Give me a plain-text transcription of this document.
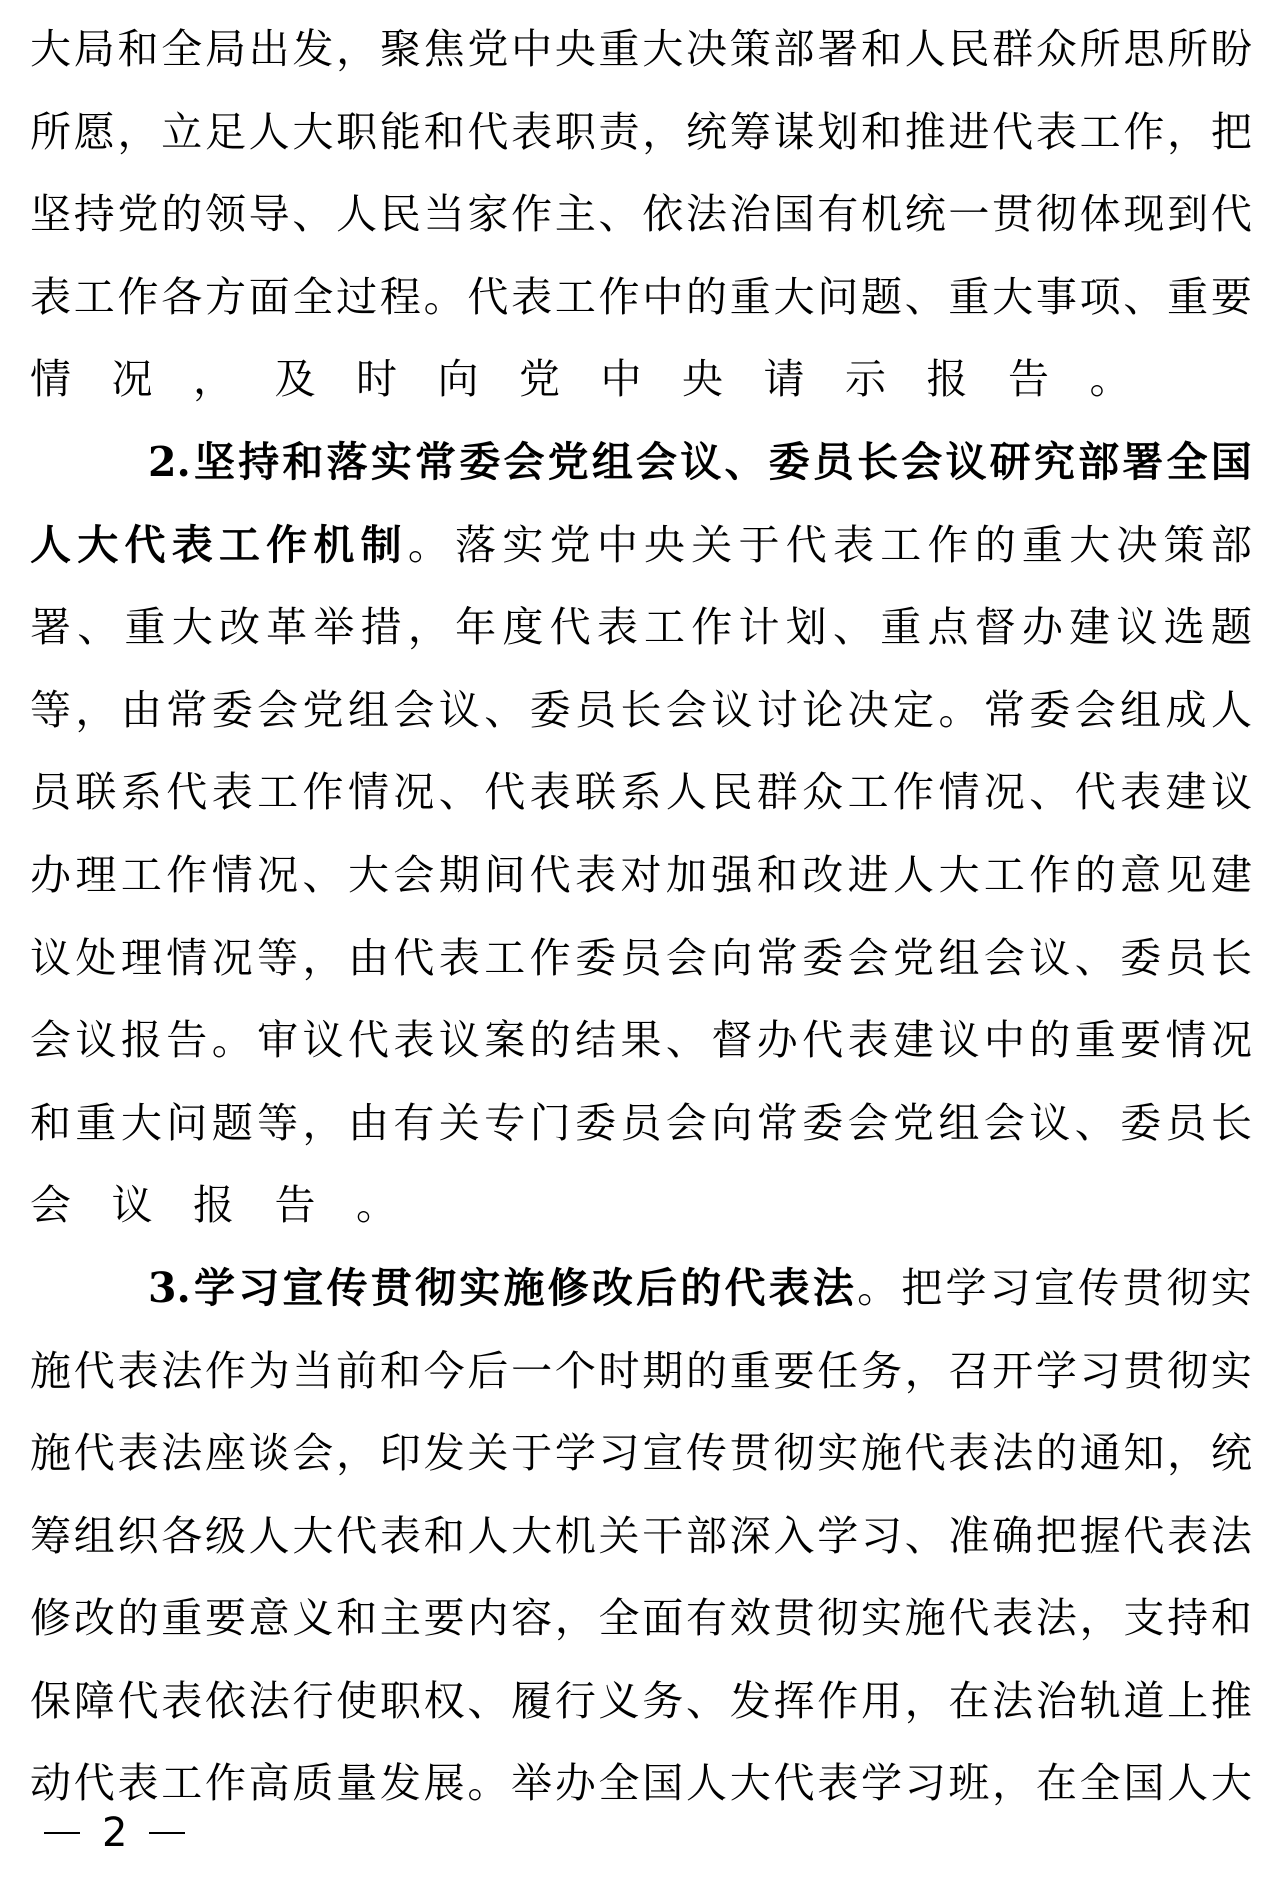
大 局 和 全 局 出 发 ， 聚 焦 党 中 央 重 大 决 策 部 署 和 人 民 群 众 所 思 所 盼
所 愿 ， 立 足 人 大 职 能 和 代 表 职 责 ， 统 筹 谋 划 和 推 进 代 表 工 作 ， 把
坚 持 党 的 领 导 、 人 民 当 家 作 主 、 依 法 治 国 有 机 统 一 贯 彻 体 现 到 代
表 工 作 各 方 面 全 过 程 。 代 表 工 作 中 的 重 大 问 题 、 重 大 事 项 、 重 要
情 况 ， 及 时 向 党 中 央 请 示 报 告 。
2. 坚 持 和 落 实 常 委 会 党 组 会 议 、 委 员 长 会 议 研 究 部 署 全 国
人 大 代 表 工 作 机 制 。 落 实 党 中 央 关 于 代 表 工 作 的 重 大 决 策 部
署 、 重 大 改 革 举 措 ， 年 度 代 表 工 作 计 划 、 重 点 督 办 建 议 选 题
等 ， 由 常 委 会 党 组 会 议 、 委 员 长 会 议 讨 论 决 定 。 常 委 会 组 成 人
员 联 系 代 表 工 作 情 况 、 代 表 联 系 人 民 群 众 工 作 情 况 、 代 表 建 议
办 理 工 作 情 况 、 大 会 期 间 代 表 对 加 强 和 改 进 人 大 工 作 的 意 见 建
议 处 理 情 况 等 ， 由 代 表 工 作 委 员 会 向 常 委 会 党 组 会 议 、 委 员 长
会 议 报 告 。 审 议 代 表 议 案 的 结 果 、 督 办 代 表 建 议 中 的 重 要 情 况
和 重 大 问 题 等 ， 由 有 关 专 门 委 员 会 向 常 委 会 党 组 会 议 、 委 员 长
会 议 报 告 。
3. 学 习 宣 传 贯 彻 实 施 修 改 后 的 代 表 法 。 把 学 习 宣 传 贯 彻 实
施 代 表 法 作 为 当 前 和 今 后 一 个 时 期 的 重 要 任 务 ， 召 开 学 习 贯 彻 实
施 代 表 法 座 谈 会 ， 印 发 关 于 学 习 宣 传 贯 彻 实 施 代 表 法 的 通 知 ， 统
筹 组 织 各 级 人 大 代 表 和 人 大 机 关 干 部 深 入 学 习 、 准 确 把 握 代 表 法
修 改 的 重 要 意 义 和 主 要 内 容 ， 全 面 有 效 贯 彻 实 施 代 表 法 ， 支 持 和
保 障 代 表 依 法 行 使 职 权 、 履 行 义 务 、 发 挥 作 用 ， 在 法 治 轨 道 上 推
动 代 表 工 作 高 质 量 发 展 。 举 办 全 国 人 大 代 表 学 习 班 ， 在 全 国 人 大
2
